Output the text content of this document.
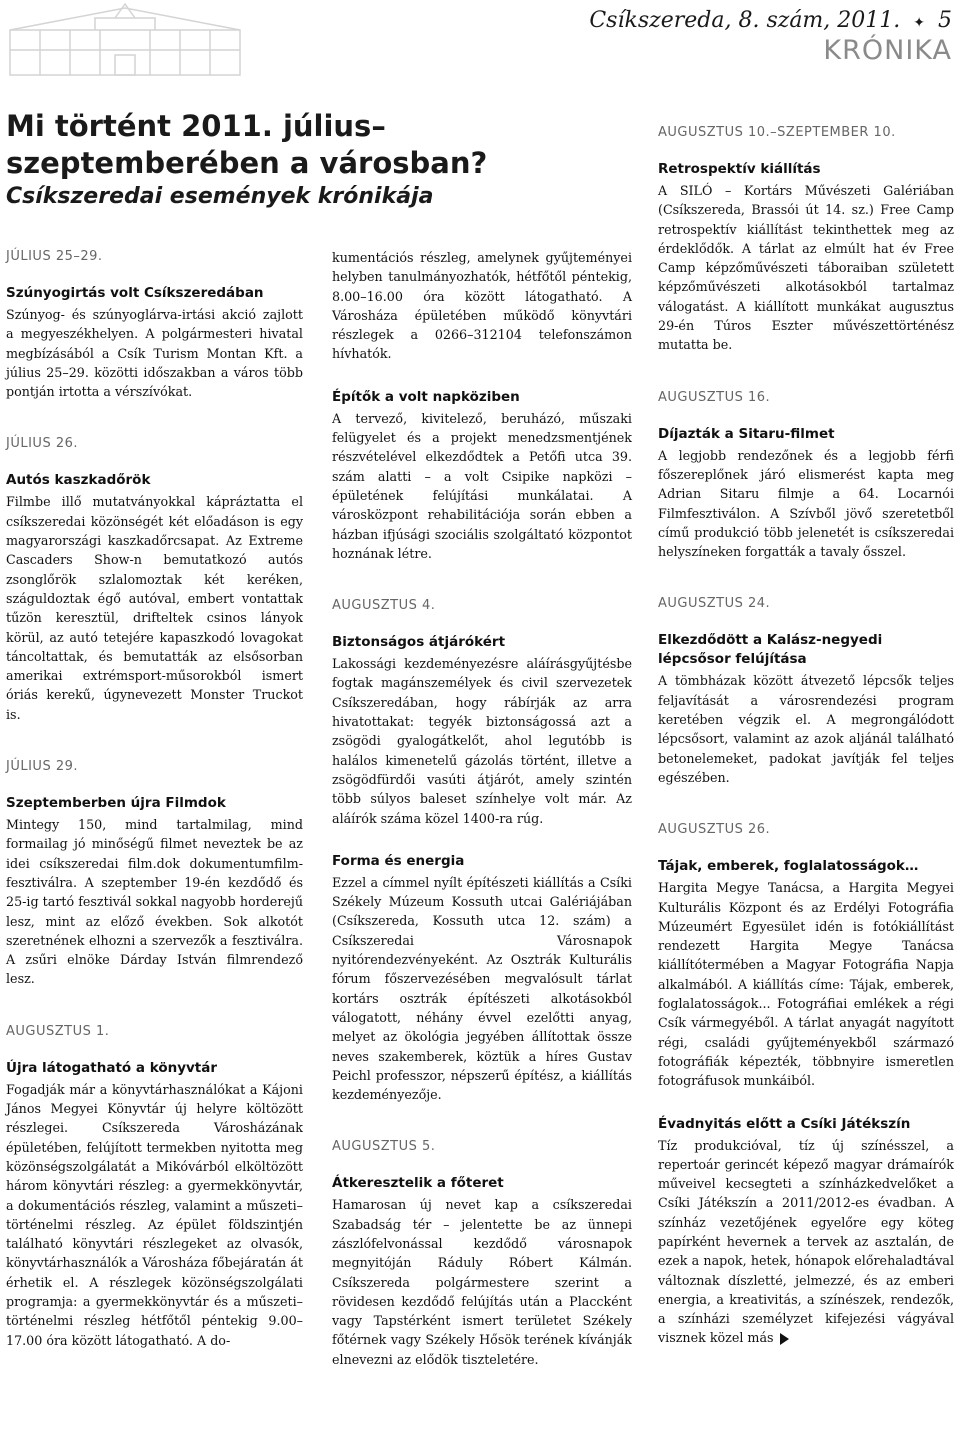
Csíkszereda, 8. szám, 2011. ✦ 5
KRÓNIKA
Mi történt 2011. július–szeptemberében a városban?
Csíkszeredai események krónikája
JÚLIUS 25–29.
Szúnyogirtás volt Csíkszeredában

Szúnyog- és szúnyoglárva-irtási akció zajlott a megyeszékhelyen. A polgármesteri hivatal megbízásából a Csík Turism Montan Kft. a július 25–29. közötti időszakban a város több pontján irtotta a vérszívókat.

JÚLIUS 26.
Autós kaszkadőrök

Filmbe illő mutatványokkal kápráztatta el csíkszeredai közönségét két előadáson is egy magyarországi kaszkadőrcsapat. Az Extreme Cascaders Show-n bemutatkozó autós zsonglőrök szlalomoztak két keréken, száguldoztak égő autóval, embert vontattak tűzön keresztül, drifteltek csinos lányok körül, az autó tetejére kapaszkodó lovagokat táncoltattak, és bemutatták az elsősorban amerikai extrémsport-műsorokból ismert óriás kerekű, úgynevezett Monster Truckot is.

JÚLIUS 29.
Szeptemberben újra Filmdok

Mintegy 150, mind tartalmilag, mind formailag jó minőségű filmet neveztek be az idei csíkszeredai film.dok dokumentumfilm-fesztiválra. A szeptember 19-én kezdődő és 25-ig tartó fesztivál sokkal nagyobb horderejű lesz, mint az előző években. Sok alkotót szeretnének elhozni a szervezők a fesztiválra. A zsűri elnöke Dárday István filmrendező lesz.

AUGUSZTUS 1.
Újra látogatható a könyvtár

Fogadják már a könyvtárhasználókat a Kájoni János Megyei Könyvtár új helyre költözött részlegei. Csíkszereda Városházának épületében, felújított termekben nyitotta meg közönségszolgálatát a Mikóvárból elköltözött három könyvtári részleg: a gyermekkönyvtár, a dokumentációs részleg, valamint a műszeti–történelmi részleg. Az épület földszintjén található könyvtári részlegeket az olvasók, könyvtárhasználók a Városháza főbejáratán át érhetik el. A részlegek közönségszolgálati programja: a gyermekkönyvtár és a műszeti–történelmi részleg hétfőtől péntekig 9.00–17.00 óra között látogatható. A do-

kumentációs részleg, amelynek gyűjteményei helyben tanulmányozhatók, hétfőtől péntekig, 8.00–16.00 óra között látogatható. A Városháza épületében működő könyvtári részlegek a 0266–312104 telefonszámon hívhatók.

Építők a volt napköziben

A tervező, kivitelező, beruházó, műszaki felügyelet és a projekt menedzsmentjének részvételével elkezdődtek a Petőfi utca 39. szám alatti – a volt Csipike napközi – épületének felújítási munkálatai. A városközpont rehabilitációja során ebben a házban ifjúsági szociális szolgáltató központot hoznának létre.

AUGUSZTUS 4.
Biztonságos átjárókért

Lakossági kezdeményezésre aláírásgyűjtésbe fogtak magánszemélyek és civil szervezetek Csíkszeredában, hogy rábírják az arra hivatottakat: tegyék biztonságossá azt a zsögödi gyalogátkelőt, ahol legutóbb is halálos kimenetelű gázolás történt, illetve a zsögödfürdői vasúti átjárót, amely szintén több súlyos baleset színhelye volt már. Az aláírók száma közel 1400-ra rúg.

Forma és energia

Ezzel a címmel nyílt építészeti kiállítás a Csíki Székely Múzeum Kossuth utcai Galériájában (Csíkszereda, Kossuth utca 12. szám) a Csíkszeredai Városnapok nyitórendezvényeként. Az Osztrák Kulturális fórum főszervezésében megvalósult tárlat kortárs osztrák építészeti alkotásokból válogatott, néhány évvel ezelőtti anyag, melyet az ökológia jegyében állítottak össze neves szakemberek, köztük a híres Gustav Peichl professzor, népszerű építész, a kiállítás kezdeményezője.

AUGUSZTUS 5.
Átkeresztelik a főteret

Hamarosan új nevet kap a csíkszeredai Szabadság tér – jelentette be az ünnepi zászlófelvonással kezdődő városnapok megnyitóján Ráduly Róbert Kálmán. Csíkszereda polgármestere szerint a rövidesen kezdődő felújítás után a Placcként vagy Tapstérként ismert területet Székely főtérnek vagy Székely Hősök terének kívánják elnevezni az elődök tiszteletére.

AUGUSZTUS 10.–SZEPTEMBER 10.
Retrospektív kiállítás

A SILÓ – Kortárs Művészeti Galériában (Csíkszereda, Brassói út 14. sz.) Free Camp retrospektív kiállítást tekinthettek meg az érdeklődők. A tárlat az elmúlt hat év Free Camp képzőművészeti táboraiban született képzőművészeti alkotásokból tartalmaz válogatást. A kiállított munkákat augusztus 29-én Túros Eszter művészettörténész mutatta be.

AUGUSZTUS 16.
Díjazták a Sitaru-filmet

A legjobb rendezőnek és a legjobb férfi főszereplőnek járó elismerést kapta meg Adrian Sitaru filmje a 64. Locarnói Filmfesztiválon. A Szívből jövő szeretetből című produkció több jelenetét is csíkszeredai helyszíneken forgatták a tavaly ősszel.

AUGUSZTUS 24.
Elkezdődött a Kalász-negyedi lépcsősor felújítása

A tömbházak között átvezető lépcsők teljes feljavítását a városrendezési program keretében végzik el. A megrongálódott lépcsősort, valamint az azok aljánál található betonelemeket, padokat javítják fel teljes egészében.

AUGUSZTUS 26.
Tájak, emberek, foglalatosságok…

Hargita Megye Tanácsa, a Hargita Megyei Kulturális Központ és az Erdélyi Fotográfia Múzeumért Egyesület idén is fotókiállítást rendezett Hargita Megye Tanácsa kiállítótermében a Magyar Fotográfia Napja alkalmából. A kiállítás címe: Tájak, emberek, foglalatosságok... Fotográfiai emlékek a régi Csík vármegyéből. A tárlat anyagát nagyított régi, családi gyűjteményekből származó fotográfiák képezték, többnyire ismeretlen fotográfusok munkáiból.

Évadnyitás előtt a Csíki Játékszín

Tíz produkcióval, tíz új színésszel, a repertoár gerincét képező magyar drámaírók műveivel kecsegteti a színházkedvelőket a Csíki Játékszín a 2011/2012-es évadban. A színház vezetőjének egyelőre egy köteg papírként hevernek a tervek az asztalán, de ezek a napok, hetek, hónapok előrehaladtával változnak díszletté, jelmezzé, és az emberi energia, a kreativitás, a színészek, rendezők, a színházi személyzet kifejezési vágyával visznek közel más
